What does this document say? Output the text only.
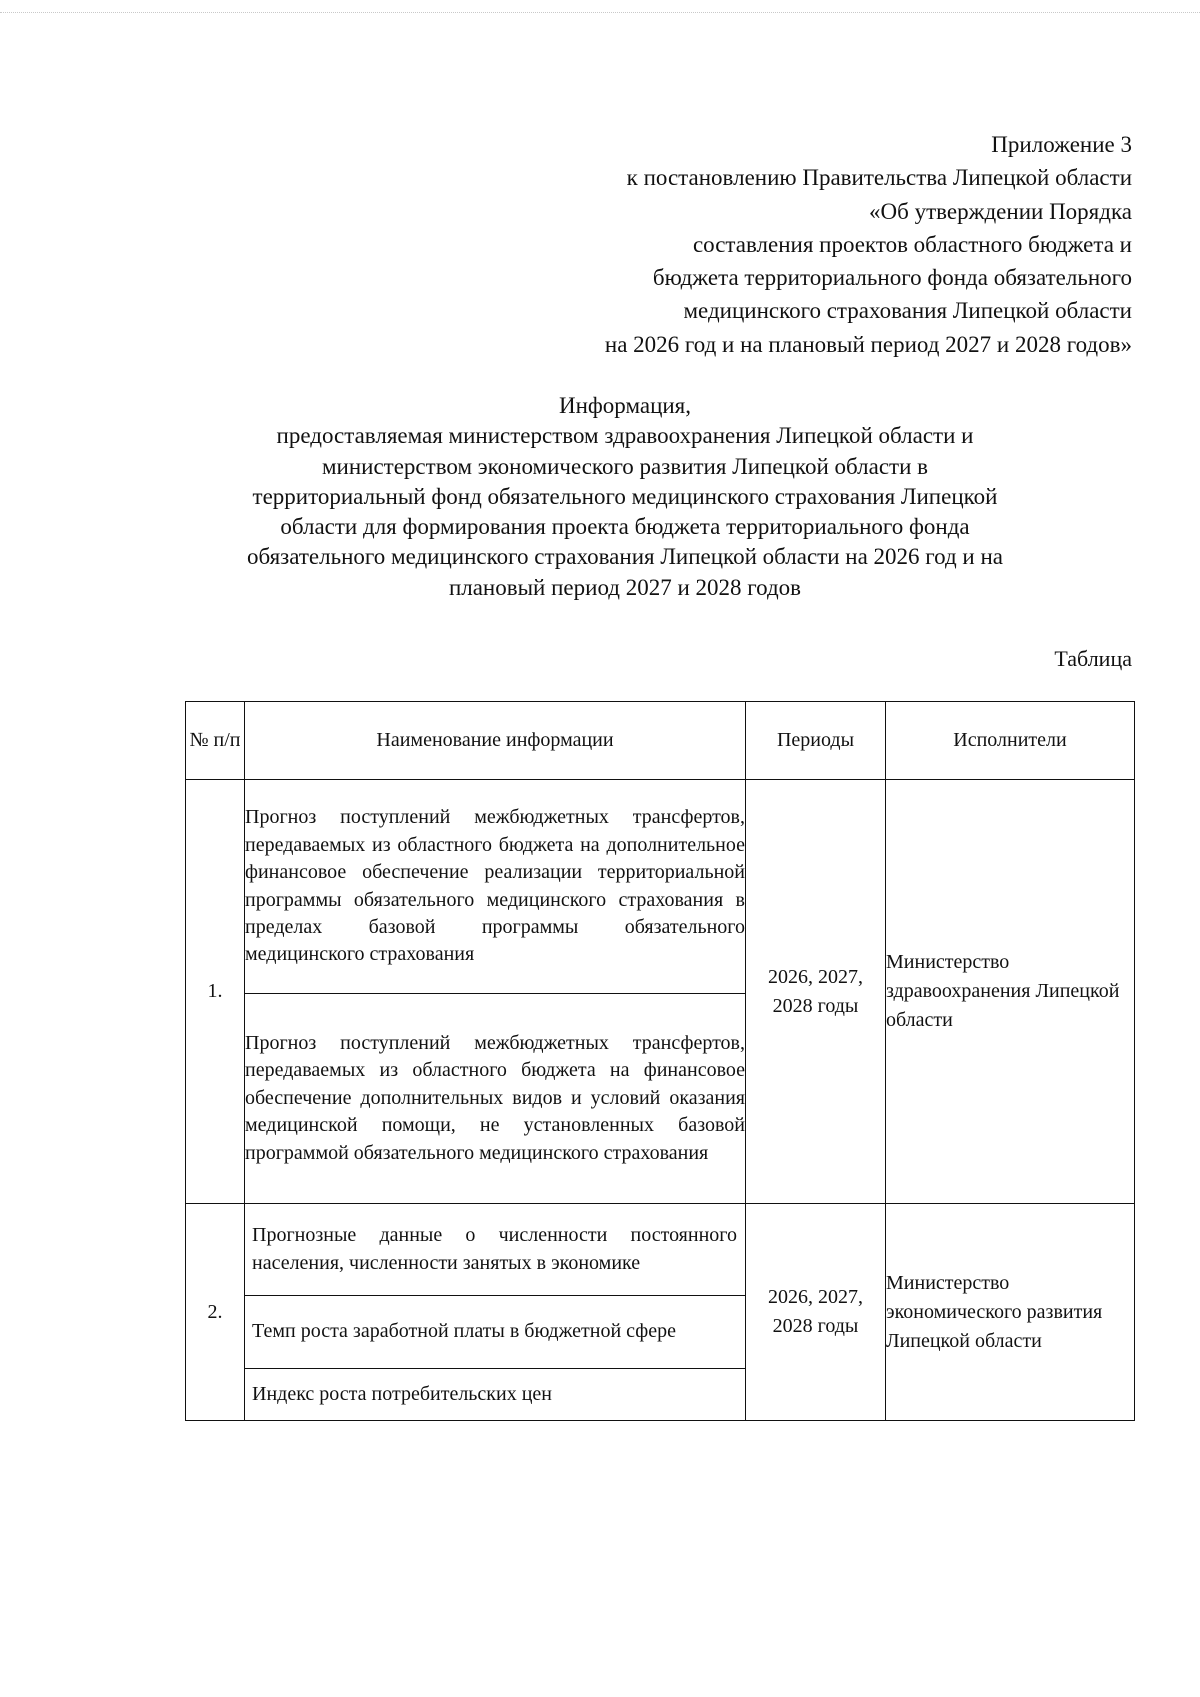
Приложение 3
к постановлению Правительства Липецкой области
«Об утверждении Порядка
составления проектов областного бюджета и
бюджета территориального фонда обязательного
медицинского страхования Липецкой области
на 2026 год и на плановый период 2027 и 2028 годов»
Информация,
предоставляемая министерством здравоохранения Липецкой области и
министерством экономического развития Липецкой области в
территориальный фонд обязательного медицинского страхования Липецкой
области для формирования проекта бюджета территориального фонда
обязательного медицинского страхования Липецкой области на 2026 год и на
плановый период 2027 и 2028 годов
Таблица
№ п/п	Наименование информации	Периоды	Исполнители
1.	Прогноз поступлений межбюджетных трансфертов, передаваемых из областного бюджета на дополнительное финансовое обеспечение реализации территориальной программы обязательного медицинского страхования в пределах базовой программы обязательного медицинского страхования	2026, 2027, 2028 годы	Министерство здравоохранения Липецкой области
	Прогноз поступлений межбюджетных трансфертов, передаваемых из областного бюджета на финансовое обеспечение дополнительных видов и условий оказания медицинской помощи, не установленных базовой программой обязательного медицинского страхования		
2.	Прогнозные данные о численности постоянного населения, численности занятых в экономике	2026, 2027, 2028 годы	Министерство экономического развития Липецкой области
	Темп роста заработной платы в бюджетной сфере		
	Индекс роста потребительских цен		
